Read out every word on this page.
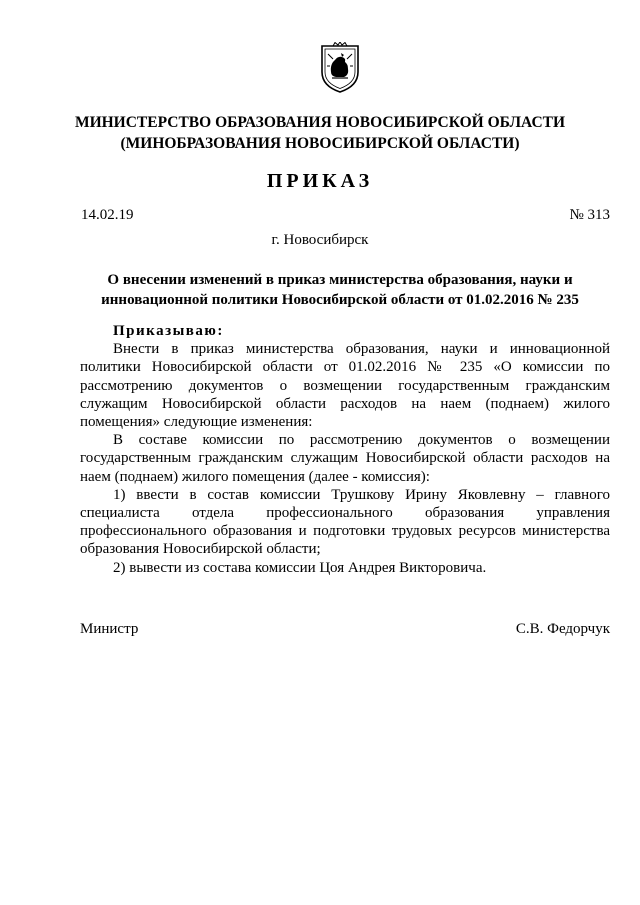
МИНИСТЕРСТВО ОБРАЗОВАНИЯ НОВОСИБИРСКОЙ ОБЛАСТИ
(МИНОБРАЗОВАНИЯ НОВОСИБИРСКОЙ ОБЛАСТИ)
ПРИКАЗ
14.02.19	№ 313
г. Новосибирск
О внесении изменений в приказ министерства образования, науки и
инновационной политики Новосибирской области от 01.02.2016 № 235

Приказываю:

Внести в приказ министерства образования, науки и инновационной политики Новосибирской области от 01.02.2016 № 235 «О комиссии по рассмотрению документов о возмещении государственным гражданским служащим Новосибирской области расходов на наем (поднаем) жилого помещения» следующие изменения:

В составе комиссии по рассмотрению документов о возмещении государственным гражданским служащим Новосибирской области расходов на наем (поднаем) жилого помещения (далее - комиссия):

1) ввести в состав комиссии Трушкову Ирину Яковлевну – главного специалиста отдела профессионального образования управления профессионального образования и подготовки трудовых ресурсов министерства образования Новосибирской области;

2) вывести из состава комиссии Цоя Андрея Викторовича.

Министр	С.В. Федорчук
